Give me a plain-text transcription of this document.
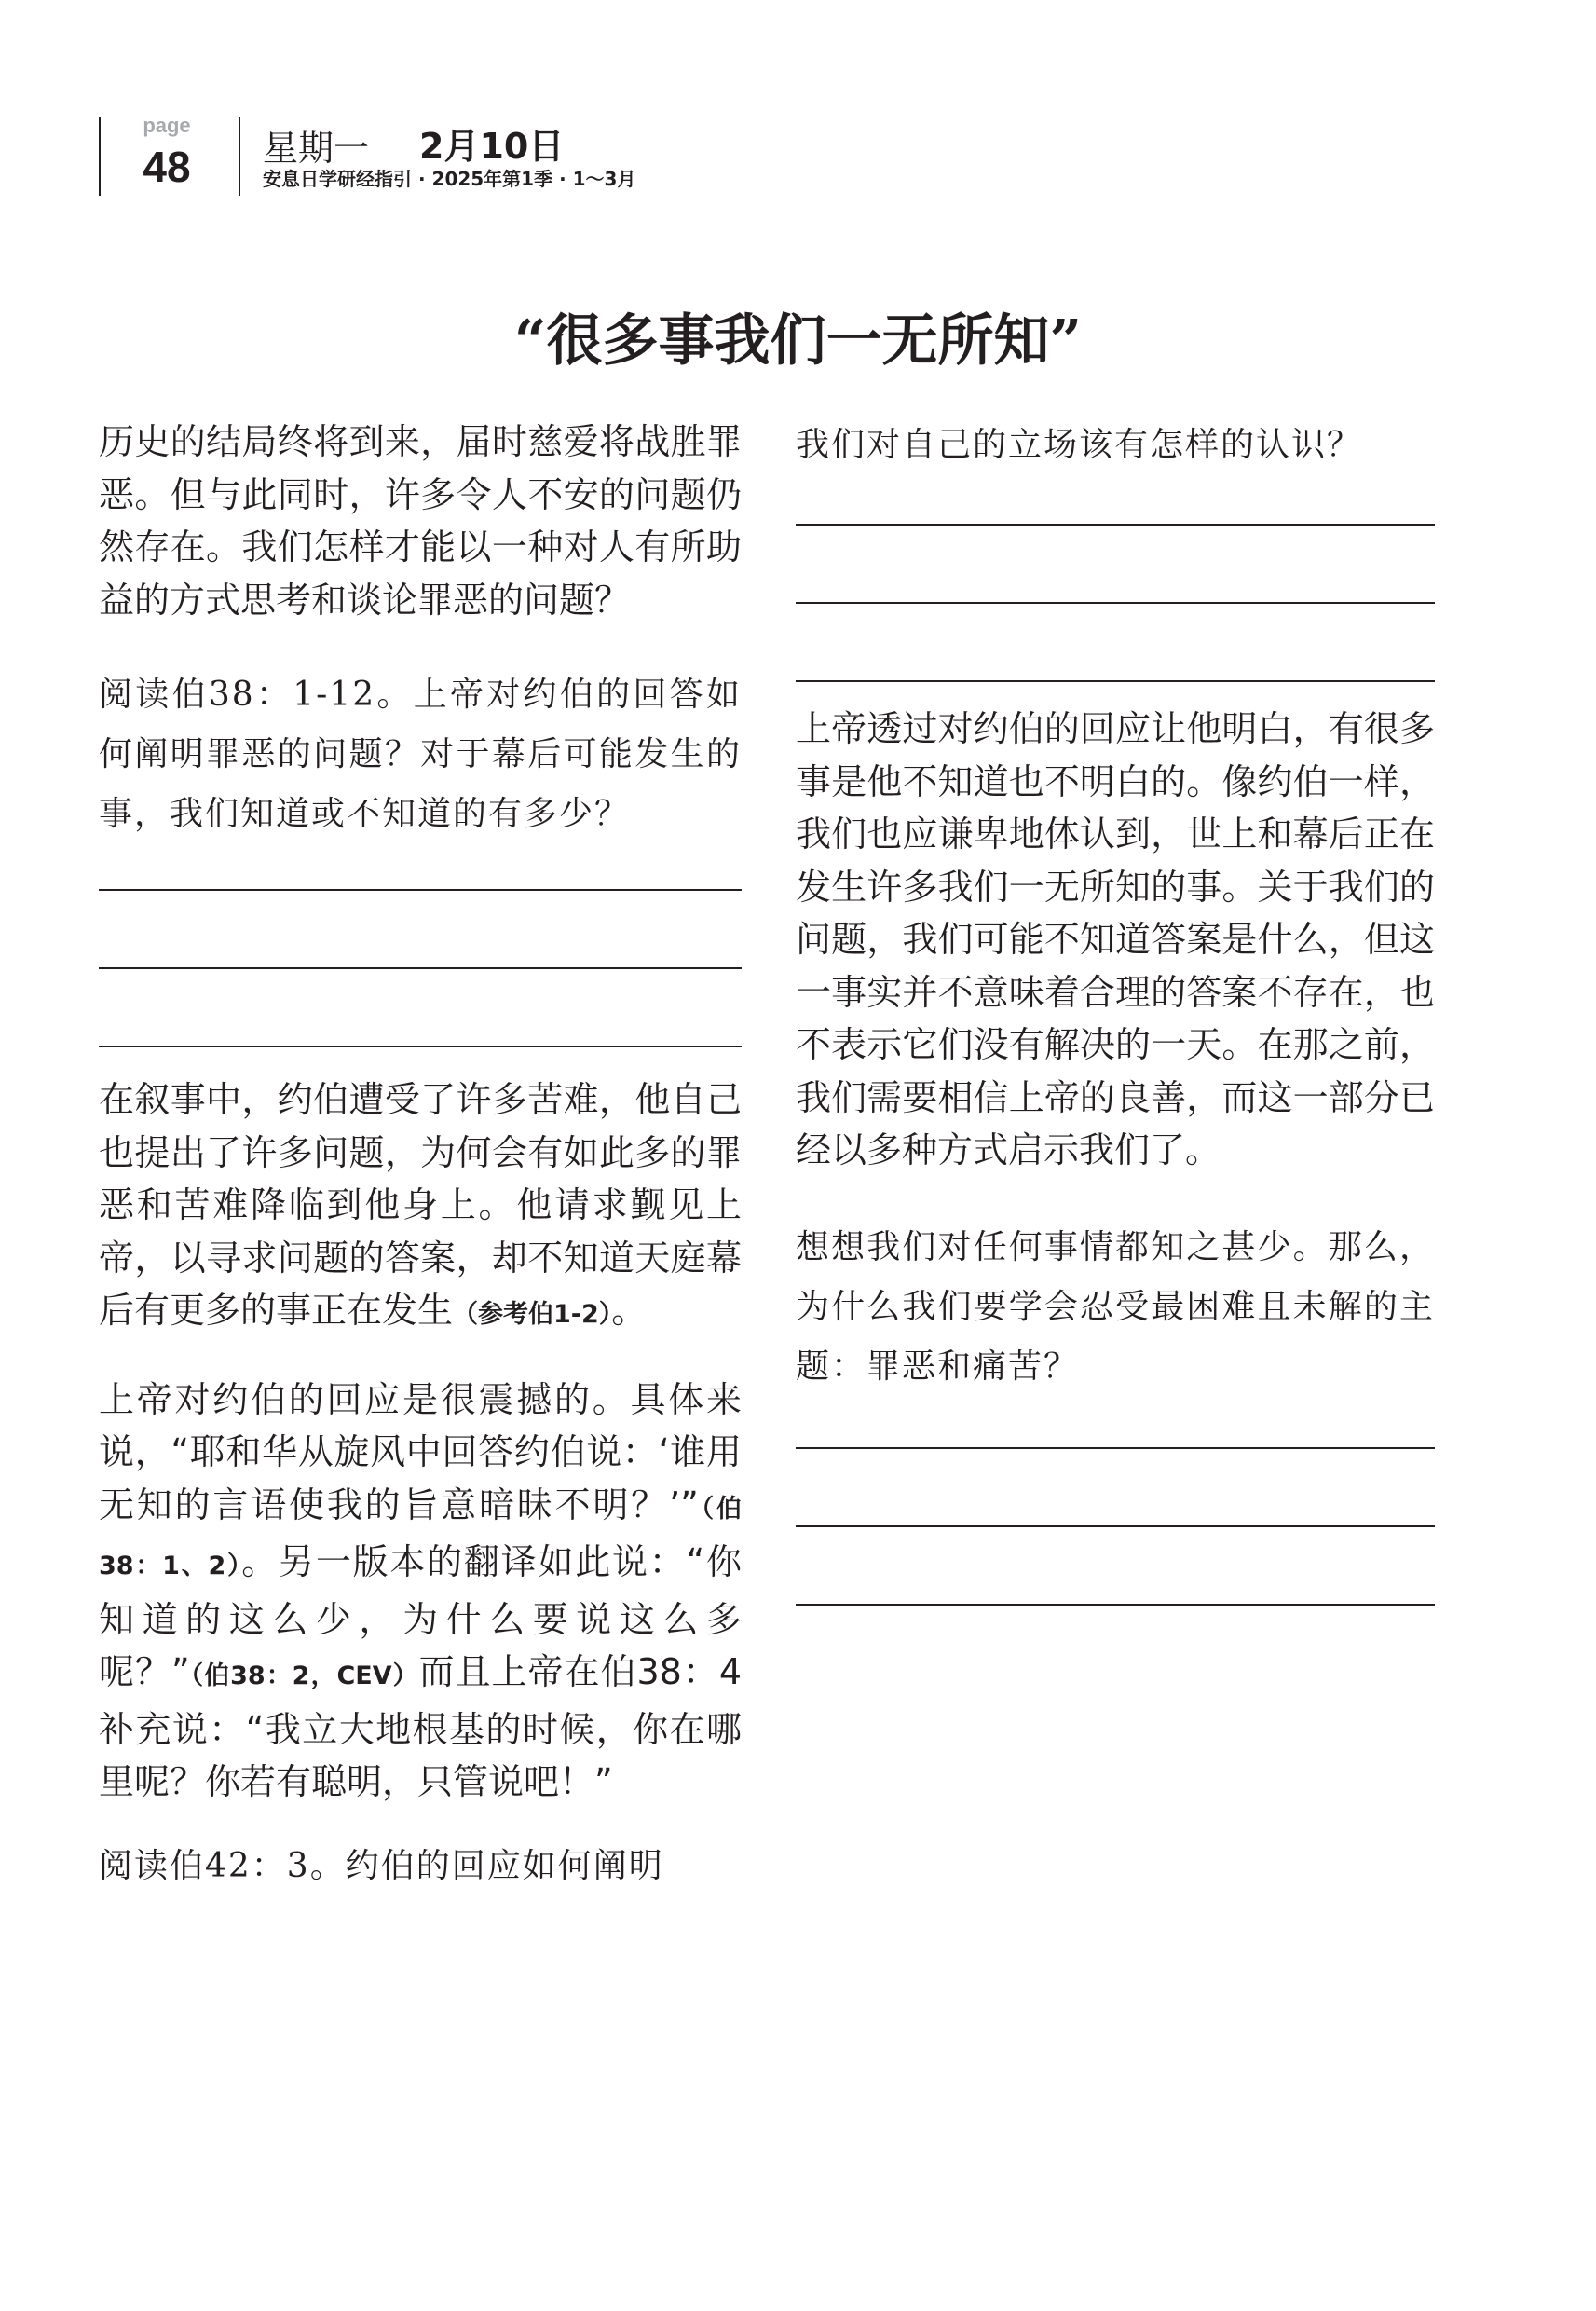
page
48	星期一 2月10日
安息日学研经指引 · 2025年第1季 · 1～3月
“很多事我们一无所知”

历史的结局终将到来，届时慈爱将战胜罪恶。但与此同时，许多令人不安的问题仍然存在。我们怎样才能以一种对人有所助益的方式思考和谈论罪恶的问题？

阅读伯38：1-12。上帝对约伯的回答如何阐明罪恶的问题？对于幕后可能发生的事，我们知道或不知道的有多少？

在叙事中，约伯遭受了许多苦难，他自己也提出了许多问题，为何会有如此多的罪恶和苦难降临到他身上。他请求觐见上帝，以寻求问题的答案，却不知道天庭幕后有更多的事正在发生（参考伯1-2）。

上帝对约伯的回应是很震撼的。具体来说，“耶和华从旋风中回答约伯说：‘谁用无知的言语使我的旨意暗昧不明？’”（伯38：1、2）。另一版本的翻译如此说：“你知道的这么少，为什么要说这么多呢？”（伯38：2，CEV）而且上帝在伯38：4补充说：“我立大地根基的时候，你在哪里呢？你若有聪明，只管说吧！”

阅读伯42：3。约伯的回应如何阐明

我们对自己的立场该有怎样的认识？

上帝透过对约伯的回应让他明白，有很多事是他不知道也不明白的。像约伯一样，我们也应谦卑地体认到，世上和幕后正在发生许多我们一无所知的事。关于我们的问题，我们可能不知道答案是什么，但这一事实并不意味着合理的答案不存在，也不表示它们没有解决的一天。在那之前，我们需要相信上帝的良善，而这一部分已经以多种方式启示我们了。

想想我们对任何事情都知之甚少。那么，为什么我们要学会忍受最困难且未解的主题：罪恶和痛苦？
